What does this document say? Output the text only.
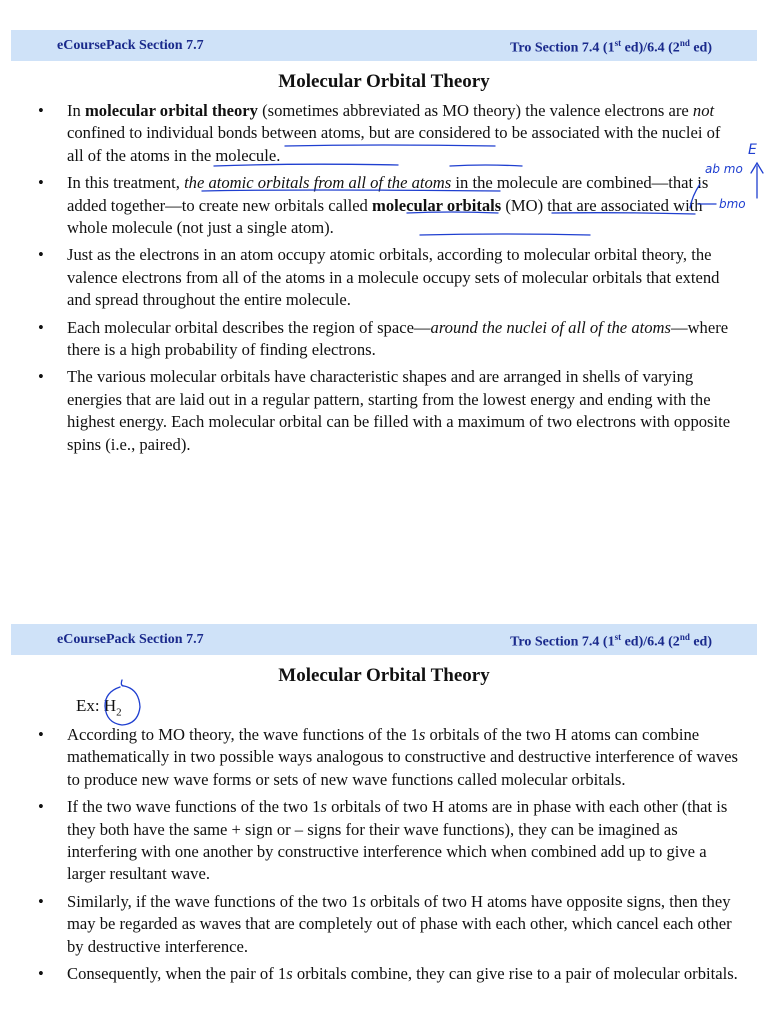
eCoursePack Section 7.7	Tro Section 7.4 (1st ed)/6.4 (2nd ed)
Molecular Orbital Theory
• In molecular orbital theory (sometimes abbreviated as MO theory) the valence electrons are not confined to individual bonds between atoms, but are considered to be associated with the nuclei of all of the atoms in the molecule.
• In this treatment, the atomic orbitals from all of the atoms in the molecule are combined—that is added together—to create new orbitals called molecular orbitals (MO) that are associated with whole molecule (not just a single atom).
• Just as the electrons in an atom occupy atomic orbitals, according to molecular orbital theory, the valence electrons from all of the atoms in a molecule occupy sets of molecular orbitals that extend and spread throughout the entire molecule.
• Each molecular orbital describes the region of space—around the nuclei of all of the atoms—where there is a high probability of finding electrons.
• The various molecular orbitals have characteristic shapes and are arranged in shells of varying energies that are laid out in a regular pattern, starting from the lowest energy and ending with the highest energy. Each molecular orbital can be filled with a maximum of two electrons with opposite spins (i.e., paired).
E
ab mo
bmo
eCoursePack Section 7.7	Tro Section 7.4 (1st ed)/6.4 (2nd ed)
Molecular Orbital Theory
Ex: $H_2$
• According to MO theory, the wave functions of the 1s orbitals of the two H atoms can combine mathematically in two possible ways analogous to constructive and destructive interference of waves to produce new wave forms or sets of new wave functions called molecular orbitals.
• If the two wave functions of the two 1s orbitals of two H atoms are in phase with each other (that is they both have the same + sign or – signs for their wave functions), they can be imagined as interfering with one another by constructive interference which when combined add up to give a larger resultant wave.
• Similarly, if the wave functions of the two 1s orbitals of two H atoms have opposite signs, then they may be regarded as waves that are completely out of phase with each other, which cancel each other by destructive interference.
• Consequently, when the pair of 1s orbitals combine, they can give rise to a pair of molecular orbitals.
